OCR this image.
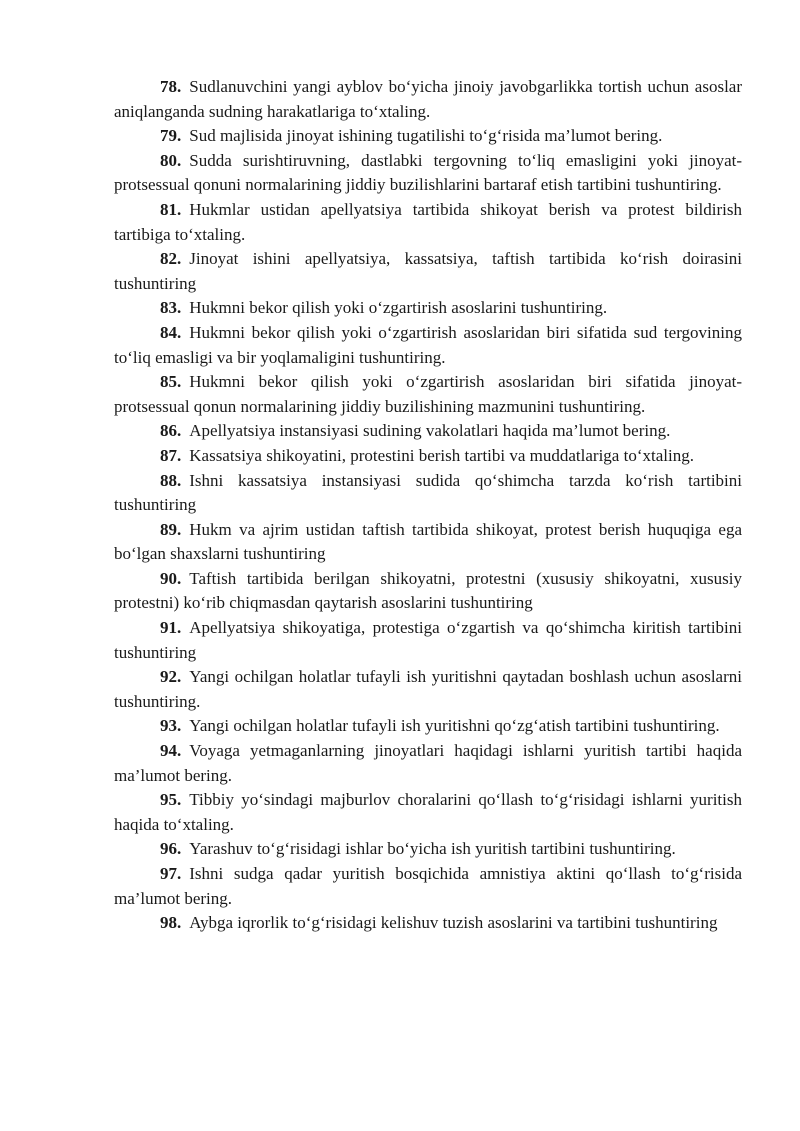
78. Sudlanuvchini yangi ayblov bo‘yicha jinoiy javobgarlikka tortish uchun asoslar aniqlanganda sudning harakatlariga to‘xtaling.

79. Sud majlisida jinoyat ishining tugatilishi to‘g‘risida ma’lumot bering.

80. Sudda surishtiruvning, dastlabki tergovning to‘liq emasligini yoki jinoyat-protsessual qonuni normalarining jiddiy buzilishlarini bartaraf etish tartibini tushuntiring.

81. Hukmlar ustidan apellyatsiya tartibida shikoyat berish va protest bildirish tartibiga to‘xtaling.

82. Jinoyat ishini apellyatsiya, kassatsiya, taftish tartibida ko‘rish doirasini tushuntiring

83. Hukmni bekor qilish yoki o‘zgartirish asoslarini tushuntiring.

84. Hukmni bekor qilish yoki o‘zgartirish asoslaridan biri sifatida sud tergovining to‘liq emasligi va bir yoqlamaligini tushuntiring.

85. Hukmni bekor qilish yoki o‘zgartirish asoslaridan biri sifatida jinoyat-protsessual qonun normalarining jiddiy buzilishining mazmunini tushuntiring.

86. Apellyatsiya instansiyasi sudining vakolatlari haqida ma’lumot bering.

87. Kassatsiya shikoyatini, protestini berish tartibi va muddatlariga to‘xtaling.

88. Ishni kassatsiya instansiyasi sudida qo‘shimcha tarzda ko‘rish tartibini tushuntiring

89. Hukm va ajrim ustidan taftish tartibida shikoyat, protest berish huquqiga ega bo‘lgan shaxslarni tushuntiring

90. Taftish tartibida berilgan shikoyatni, protestni (xususiy shikoyatni, xususiy protestni) ko‘rib chiqmasdan qaytarish asoslarini tushuntiring

91. Apellyatsiya shikoyatiga, protestiga o‘zgartish va qo‘shimcha kiritish tartibini tushuntiring

92. Yangi ochilgan holatlar tufayli ish yuritishni qaytadan boshlash uchun asoslarni tushuntiring.

93. Yangi ochilgan holatlar tufayli ish yuritishni qo‘zg‘atish tartibini tushuntiring.

94. Voyaga yetmaganlarning jinoyatlari haqidagi ishlarni yuritish tartibi haqida ma’lumot bering.

95. Tibbiy yo‘sindagi majburlov choralarini qo‘llash to‘g‘risidagi ishlarni yuritish haqida to‘xtaling.

96. Yarashuv to‘g‘risidagi ishlar bo‘yicha ish yuritish tartibini tushuntiring.

97. Ishni sudga qadar yuritish bosqichida amnistiya aktini qo‘llash to‘g‘risida ma’lumot bering.

98. Aybga iqrorlik to‘g‘risidagi kelishuv tuzish asoslarini va tartibini tushuntiring
